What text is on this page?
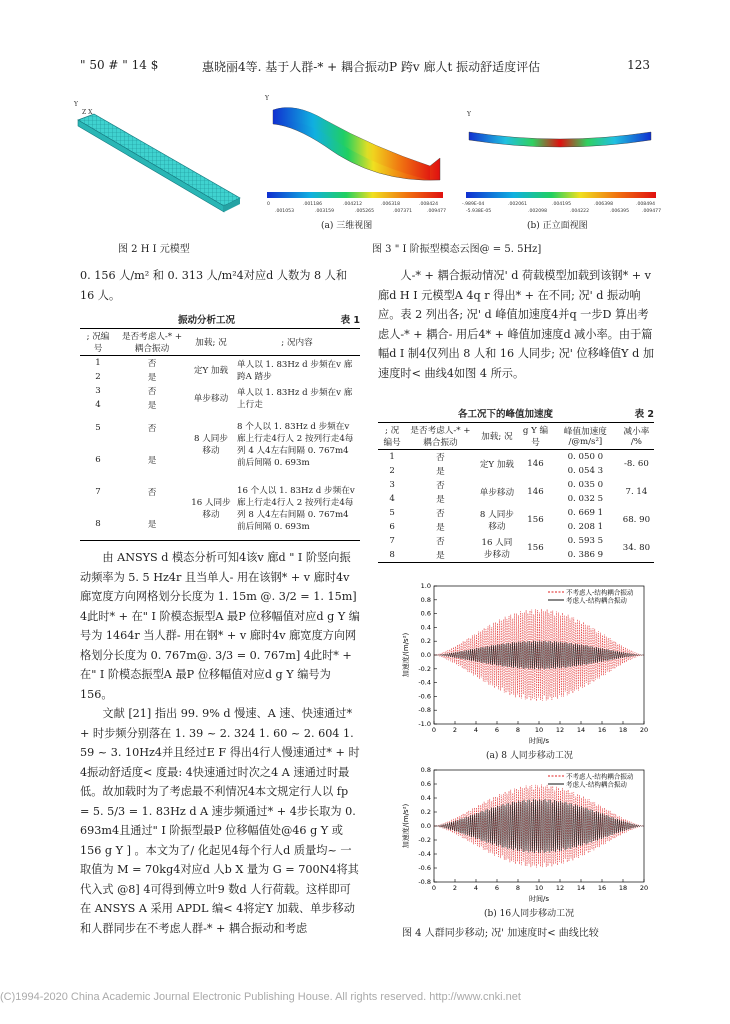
" 50 # " 14 $	惠晓丽4等. 基于人群-* + 耦合振动P 跨v 廊人t 振动舒适度评估	123
Y
Z X
Y
Y
0	.001186	.004212	.006318	.008424
.001053	.003159	.005265	.007371	.009477
-.989E-04	.002061	.004195	.006398	.008494
-5.938E-05	.002098	.004222	.006395	.009477
(a) 三维视图	(b) 正立面视图
图 2 H I 元模型	图 3 " I 阶振型模态云图@ = 5. 5Hz]

0. 156 人/m² 和 0. 313 人/m²4对应d 人数为 8 人和 16 人。

振动分析工况	表 1
; 况编号	是否考虑人-* + 耦合振动	加载; 况	; 况内容
1	否	定Y 加载	单人以 1. 83Hz d 步频在v 廊跨A 踏步
2	是		
3	否	单步移动	单人以 1. 83Hz d 步频在v 廊上行走
4	是		
5	否	8 人同步移动	8 个人以 1. 83Hz d 步频在v 廊上行走4行人 2 按列行走4每列 4 人4左右间隔 0. 767m4前后间隔 0. 693m
6	是		
7	否	16 人同步移动	16 个人以 1. 83Hz d 步频在v 廊上行走4行人 2 按列行走4每列 8 人4左右间隔 0. 767m4前后间隔 0. 693m
8	是		

由 ANSYS d 模态分析可知4该v 廊d " I 阶竖向振动频率为 5. 5 Hz4r 且当单人- 用在该钢* + v 廊时4v 廊宽度方向网格划分长度为 1. 15m @. 3/2 = 1. 15m] 4此时* + 在" I 阶模态振型A 最P 位移幅值对应d g Y 编号为 1464r 当人群- 用在钢* + v 廊时4v 廊宽度方向网格划分长度为 0. 767m@. 3/3 = 0. 767m] 4此时* + 在" I 阶模态振型A 最P 位移幅值对应d g Y 编号为 156。

文献 [21] 指出 99. 9% d 慢速、A 速、快速通过* + 时步频分别落在 1. 39 ~ 2. 324 1. 60 ~ 2. 604 1. 59 ~ 3. 10Hz4并且经过E F 得出4行人慢速通过* + 时4振动舒适度< 度最: 4快速通过时次之4 A 速通过时最低。故加载时为了考虑最不利情况4本文规定行人以 fp = 5. 5/3 = 1. 83Hz d A 速步频通过* + 4步长取为 0. 693m4且通过" I 阶振型最P 位移幅值处@46 g Y 或 156 g Y ] 。本文为了/ 化起见4每个行人d 质量均~ 一取值为 M = 70kg4对应d 人b X 量为 G = 700N4将其代入式 @8] 4可得到傅立叶9 数d 人行荷载。这样即可在 ANSYS A 采用 APDL 编< 4将定Y 加载、单步移动和人群同步在不考虑人群-* + 耦合振动和考虑

人-* + 耦合振动情况' d 荷载模型加载到该钢* + v 廊d H I 元模型A 4q r 得出* + 在不同; 况' d 振动响应。表 2 列出各; 况' d 峰值加速度4并q 一步D 算出考虑人-* + 耦合- 用后4* + 峰值加速度d 减小率。由于篇幅d I 制4仅列出 8 人和 16 人同步; 况' 位移峰值Y d 加速度时< 曲线4如图 4 所示。

各工况下的峰值加速度	表 2
; 况编号	是否考虑人-* + 耦合振动	加载; 况	g Y 编号	峰值加速度 /@m/s²]	减小率 /%
1	否	定Y 加载	146	0. 050 0	-8. 60
2	是			0. 054 3	
3	否	单步移动	146	0. 035 0	7. 14
4	是			0. 032 5	
5	否	8 人同步移动	156	0. 669 1	68. 90
6	是			0. 208 1	
7	否	16 人同步移动	156	0. 593 5	34. 80
8	是			0. 386 9	
0	2	4	6	8 10 12 14 16 18 20
-1.0
-0.8
-0.6
-0.4
-0.2
0.0
0.2
0.4
0.6
0.8
1.0
时间/s
加速度/(m/s²)
不考虑人-结构耦合振动
考虑人-结构耦合振动
(a) 8 人同步移动工况
0	2	4	6	8 10 12 14 16 18 20
-0.8
-0.6
-0.4
-0.2
0.0
0.2
0.4
0.6
0.8
时间/s
加速度/(m/s²)
不考虑人-结构耦合振动
考虑人-结构耦合振动
(b) 16人同步移动工况
图 4 人群同步移动; 况' 加速度时< 曲线比较
(C)1994-2020 China Academic Journal Electronic Publishing House. All rights reserved. http://www.cnki.net
